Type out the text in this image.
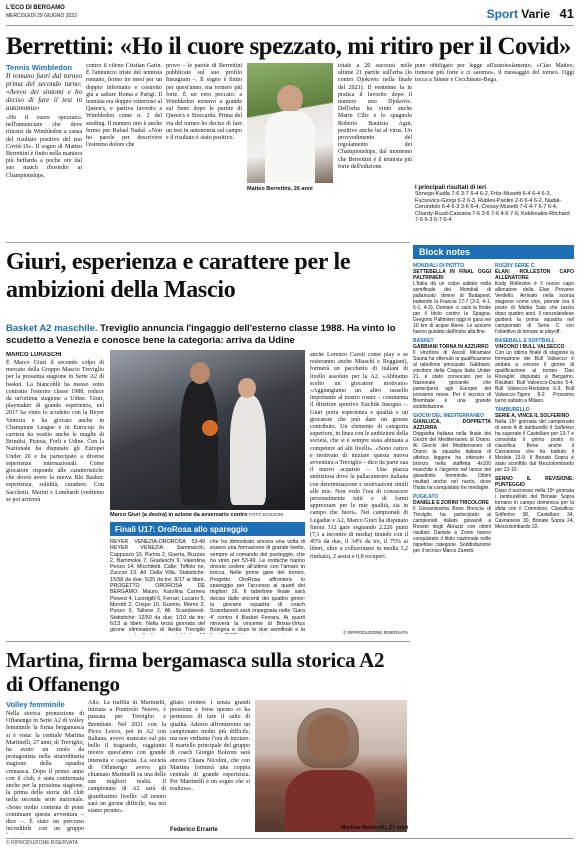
L'ECO DI BERGAMO
MERCOLEDÌ 29 GIUGNO 2022	Sport Varie 41
Berrettini: «Ho il cuore spezzato, mi ritiro per il Covid»
Tennis Wimbledon
Il romano fuori dal torneo prima del secondo turno: «Avevo dei sintomi e ho deciso di fare il test in autonomia»
«Ho il cuore spezzato» nell'annunciare che deve ritirarsi da Wimbledon a causa del risultato positivo del test Covid-19». Il sogno di Matteo Berrettini è finito nella maniera più beffarda a poche ore dal suo match d'esordio ai Championships,
contro il cileno Cristian Garin. È l'annuncio triste del tennista romano, fermo tre mesi per un doppio infortunio e costretto già a saltare Roma e Parigi. Il tennista era doppio vittorioso al Queen's, e partiva favorito a Wimbledon come n. 2 del seeding. Il numero uno è anche fermo per Rafael Nadal. «Non ho parole per descrivere l'estremo dolore che
provo – le parole di Berrettini pubblicate sul suo profilo Instagram –. Il sogno è finito per quest'anno, ma tornerò più forte. È un vero peccato: a Wimbledon tornavo a grande sul fieno dopo le partite di Queen's e Stoccarda. Prima del via del torneo ho deciso di fare un test in autonomia sul campo e il risultato è stato positivo.
Matteo Berrettini, 26 anni
totale a 20 successi nelle ultime 21 partite sull'erba (lo contro Djokovic nella finale del 2021). Il ventenne fa in pratica il favorito dopo il numero uno Djokovic. Dell'erba ha vinto anche Marin Cilic e lo spagnolo Roberto Bautista Agut, positivo anche lui al virus. Un provvedimento del regolamento dei Championships, dal momento che Berrettini è il tennista più forte dell'edizione.
pure obbligato per legge all'autoisolamento. «Ciao Matteo, tornerai più forte e ci saremo», il messaggio del torneo. Oggi tocca a Sinner e Cecchinato-Bega.
I principali risultati di ieri

Sonego-Kudla 7-6 3-7 6-4 6-2, Fritz-Musetti 6-4 6-4 6-3, Fucsovics-Giorgi 6-2 6-3, Rublev-Paolini 2-6 6-4 6-2, Nadal-Cerundolo 6-4 6-3 3-6 6-4, Cressy-Musetti 7-6 4-7 6-7 6-4, Chardy-Ruud-Caruana 7-6 3-6 7-6 4-6 7-6, Kokkinakis-Ritchard 7-6 6-3 6-7 6-4.

Giuri, esperienza e carattere per le ambizioni della Mascio
Basket A2 maschile. Treviglio annuncia l'ingaggio dell'esterno classe 1988. Ha vinto lo scudetto a Venezia e conosce bene la categoria: arriva da Udine
MARCO LURASCHI
È Marco Giuri il secondo colpo di mercato della Gruppo Mascio Treviglio per la prossima stagione in Serie A2 di basket. La biancoblù ha messo sotto contratto l'esterno classe 1988, reduce da un'ottima stagione a Udine. Giuri, playmaker di grande esperienza, nel 2017 ha vinto lo scudetto con la Reyer Venezia e ha giocato anche in Champions League e in Eurocup. In carriera ha vestito anche le maglie di Brindisi, Pistoia, Forlì e Udine. Con la Nazionale ha disputato gli Europei Under 20 e ha partecipato a diverse esperienze internazionali. Come giocatore risponde alle caratteristiche che dovrà avere la nuova Blu Basket: esperienza, solidità, carattere. Con Sacchetti, Marini e Lombardi (vedremo se poi arriverà
Marco Giuri (a destra) in azione da avversario contro FOTO ROSSONI
Finali U17: OroRosa allo spareggio
REYER VENEZIA-OROROSA 53-49 REYER VENEZIA: Sammarchi, Cappuzzo 10, Purina 2, Gueria, Ruzzas 2, Bammoka 7, Gradeschi 9, Valentina Penzo 14, Micchiletti. Calle: Toffolo ne, Zuccon 13. All. Dalla Villa. Statistiche: 15/58 da due; 5/25 da tre; 8/17 ai liberi. PROGETTO OROROSA DE BERGAMO: Mauro, Karolina Carrera Piovesi 4, Lucivigilli 6, Ferrari, Lucano 5, Morotti 2, Crispo 10, Guerini, Morris 2, Punzo 9, Tallone 2, All. Scandaresti. Statistiche: 12/50 da due; 1/10 da tre; 6/13 ai liberi. Nella terza giornata del girone eliminatorio di Aedia Treviglio
che ha dimostrato ancora una volta di essere una formazione di grande livello, sempre al comando del punteggio, che ha vinto per 53-49. Le orobiche hanno dovuto cedere all'ultimo con l'amaro in bocca. Nelle prime gare del torneo, Progetto OroRosa affronterà lo spareggio per l'accesso ai quarti dei migliori 16. Il tabellone finale sarà deciso dalle vincenti dei quattro gironi: la giovane squadra di coach Scandaresti sarà impegnata nella 'Gara 4' contro il Basket Ferrara. Ai quarti ritroverà la vincente di Brixia-Virtus Bologna e dopo le due semifinali e la
anche Lorenzo Caroti come play e se resteranno anche Miaschi e Reggiani), formerà un pacchetto di italiani di livello assoluto per la A2. «Abbiamo scelto un giocatore motivato» «Aggiungiamo un altro tassello importante al nostro roster – commenta il direttore sportivo Euclide Insogna –. Giuri porta esperienza e qualità e un giocatore che può dare un grosso contributo. Un elemento di categoria superiore, in linea con le ambizioni della società, che si è sempre stata abituata a competere ad alti livelli». «Sono carico e motivato di iniziare questa nuova avventura a Treviglio – dice da parte sua il nuovo acquisto –. Una piazza ambiziosa dove la pallacanestro italiana con determinazione e motivazioni simili alle mie. Non vedo l'ora di conoscere personalmente tutti e di farmi apprezzare per le mie qualità, sia in campo che fuori». Nei campionati di Legadue e A2, Marco Giuri ha disputato finora 312 gare segnando 2.226 punti (7,1 a incontro di media) tirando con il 45% da due, il 34% da tre, il 75% ai liberi, oltre a collezionare in media 3,2 rimbalzi, 2 assist e 0,8 recuperi.
© RIPRODUZIONE RISERVATA
Martina, firma bergamasca sulla storica A2 di Offanengo
Volley femminile
Nella storica promozione di Offanengo in Serie A2 di volley femminile la firma bergamasca si è vista: la centrale Martina Martinelli, 27 anni, di Treviglio, ha avuto un ruolo da protagonista nella straordinaria stagione della squadra cremasca. Dopo il primo anno con il club, è stata confermata anche per la prossima stagione, la prima della storia del club nella seconda serie nazionale. «Sono molto contenta di poter continuare questa avventura – dice –. È stato un percorso incredibile con un gruppo
Alto. La traffila di Martinelli, iniziata a Pontirolo Nuovo, è passata per Treviglio e Brembate. Nel 2021 con la Picco Lecco, poi in A2 con Italiana, avevo mancato sul più bello il traguardo, raggiunto invece quest'anno con grande intensità e capacità. La società di Offanengo aveva già chiamato Martinelli su una delle sue migliori realtà. Il campionato di A2 sarà di grandissimo livello: «Il nostro sarà un girone difficile, ma noi siamo pronte».
gliato credere i senza grandi pressioni e forse questo ci ha permesso di fare il salto di qualità. Adesso affronteremo un campionato molto più difficile, ma non vediamo l'ora di iniziare. Il martello principale del gruppo di coach Giorgio Bolzoni sarà ancora Chiara Nicolini, che con Martina formerà una coppia centrale di grande esperienza. Per Martinelli è un sogno che si realizza».
Federico Errante	Martina Martinelli, 27 anni
Block notes
MONDIALI DI PIOTTO
SETTEBELLA IN FINAL OGGI PALTRINIERI
L'Italia dà un colpo saltato nella semifinale dei Mondiali di pallanuoto donne di Budapest, battendo la Francia 17-7 (3-2, 4-1, 6-1, 4-3). Domani ci sarà la finale per il titolo contro la Spagna. Gregorio Paltrinieri oggi in gara nei 10 km di acque libere. Le azzurre hanno guidato dall'inizio alla fine.
BASKET
GABBIANI TORNA IN AZZURRO
Il vincitore di Ascoli Miramare Sauna ha ottenuto la qualificazione al tabellone principale. Gabbiani, vincitore della Coppa Italia Under 21, è stato convocato per la Nazionale giovanile che parteciperà agli Europei del prossimo mese. Per il tecnico di Brembate è una grande soddisfazione.
GIOCHI DEL MEDITERRANEO
GIANLUCA, DOPPIETTA AZZURRA
Doppietta italiana nella finale dei Giochi del Mediterraneo di Orano. Ai Giochi del Mediterraneo di Orano la squadra italiana di atletica leggera ha ottenuto il bronzo nella staffetta 4x100 maschile e l'argento nel lancio del giavellotto femminile. Ottimi risultati anche nel nuoto, dove l'Italia ha conquistato tre medaglie.
PUGILATO
DANIELE E ZORINI TRICOLORE
Il Giovanissima Boxe Brescia di Treviglio ha partecipato ai campionati italiani giovanili a Roseto degli Abruzzi con ottimi risultati: Daniele e Zorini hanno conquistato il titolo nazionale nelle rispettive categorie. Soddisfazione per il tecnico Marco Zanetti.
RUGBY SERIE C
ELAN: ROLLESTON CAPO ALLENATORE
Kody Rolleston è il nuovo capo allenatore della Elan Provene Verdello. Arrivato nella scorsa stagione come vice, prende ora il posto di Mattia Sala che lascia dopo quattro anni. Il neozelandese guiderà la prima squadra nel campionato di Serie C con l'obiettivo di tornare ai playoff.
BASEBALL E SOFTBALL
VINCONO I BULL VALSECCO
Con un ottimo finale di stagione la formazione dei Bull Valsecco è andata a vincere il girone di qualificazione al torneo 'Dan Rovaglio' disputato a Bergamo. Risultati: Bull Valsecco-Ducks 5-4, Bull Valsecco-Redskins 6-3, Bull Valsecco-Tigers 8-2. Prossimo turno sabato a Milano.
TAMBURELLO
SERIE A, VINCE IL SOLFERINO
Nella 15ª giornata del campionato di serie A di tamburello il Solferino ha superato il Castellaro per 13-7 e consolida il primo posto in classifica. Bene anche il Cavrianese che ha battuto il Medole 13-9. Il Bonate Sopra è stato sconfitto dal Mezzolombardo per 13-10.
SENNO IL REVISIONE: PUNTEGGIO
Dopo il successo nella 15ª giornata i tamburellisti del Bonate Sopra tornano in campo domenica per la sfida con il Cremolino. Classifica: Solferino 38, Castellaro 34, Cavrianese 30, Bonate Sopra 24, Mezzolombardo 22.
© RIPRODUZIONE RISERVATA
